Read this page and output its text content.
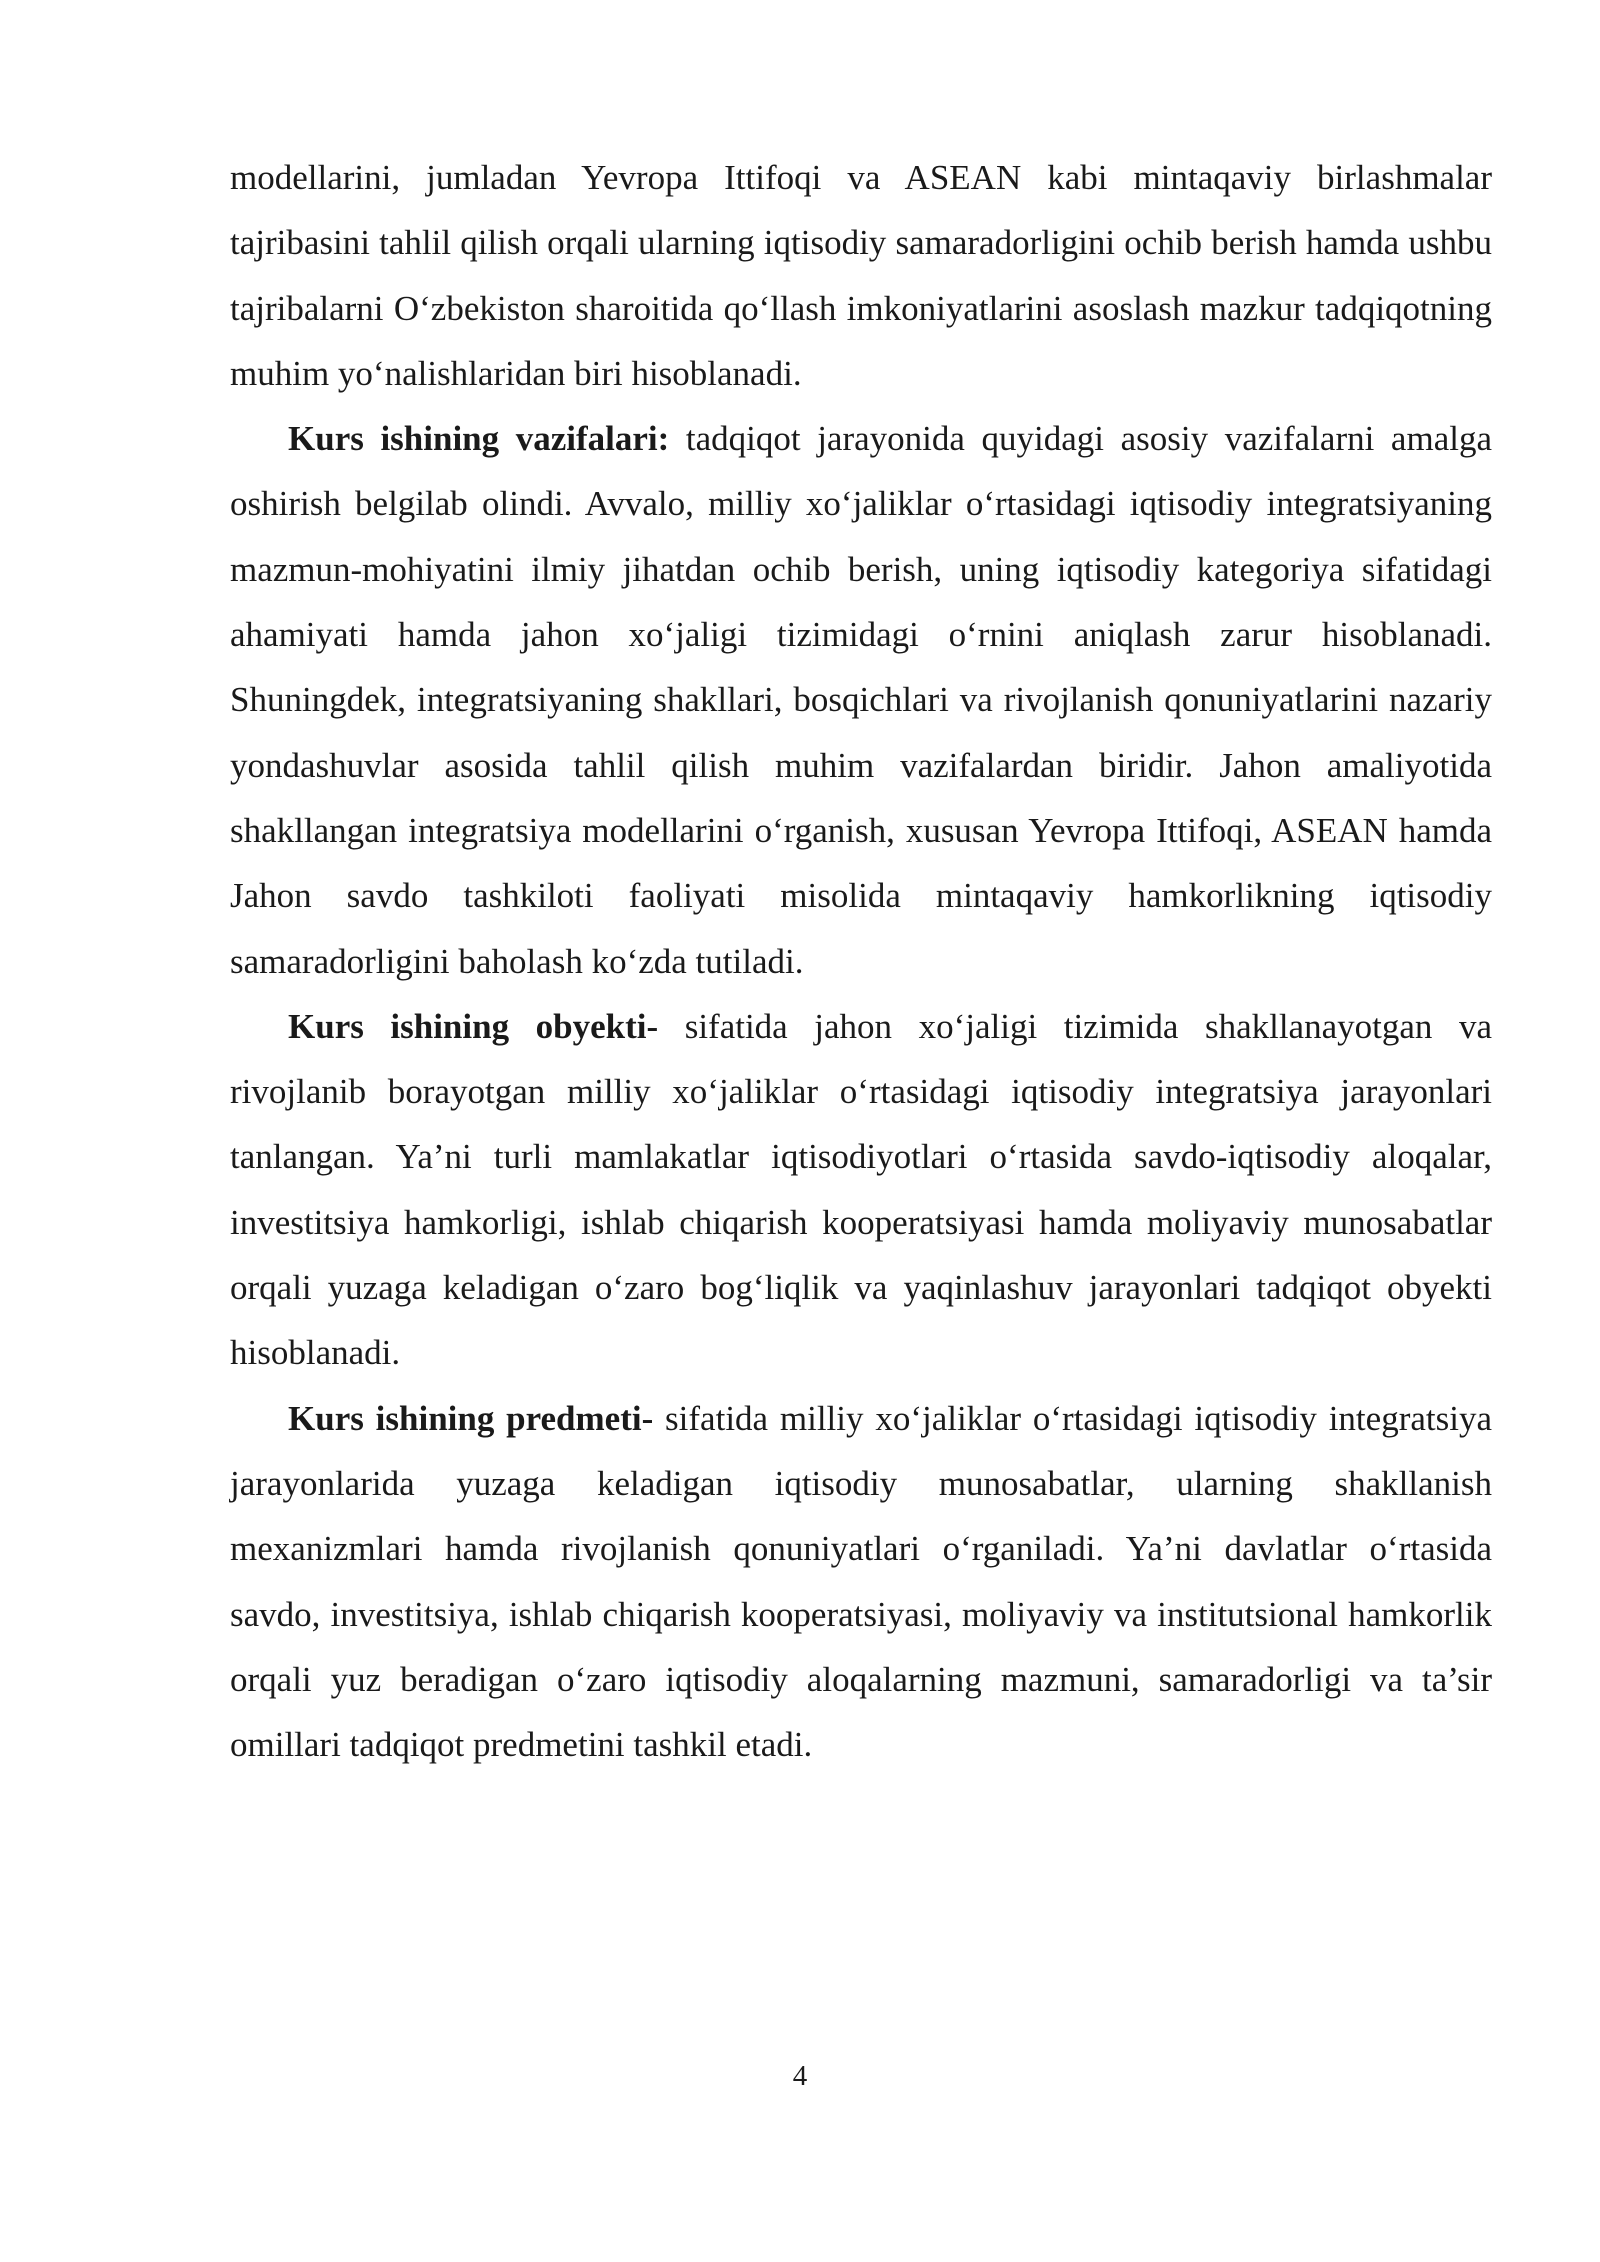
modellarini, jumladan Yevropa Ittifoqi va ASEAN kabi mintaqaviy birlashmalar tajribasini tahlil qilish orqali ularning iqtisodiy samaradorligini ochib berish hamda ushbu tajribalarni O‘zbekiston sharoitida qo‘llash imkoniyatlarini asoslash mazkur tadqiqotning muhim yo‘nalishlaridan biri hisoblanadi.

Kurs ishining vazifalari: tadqiqot jarayonida quyidagi asosiy vazifalarni amalga oshirish belgilab olindi. Avvalo, milliy xo‘jaliklar o‘rtasidagi iqtisodiy integratsiyaning mazmun-mohiyatini ilmiy jihatdan ochib berish, uning iqtisodiy kategoriya sifatidagi ahamiyati hamda jahon xo‘jaligi tizimidagi o‘rnini aniqlash zarur hisoblanadi. Shuningdek, integratsiyaning shakllari, bosqichlari va rivojlanish qonuniyatlarini nazariy yondashuvlar asosida tahlil qilish muhim vazifalardan biridir. Jahon amaliyotida shakllangan integratsiya modellarini o‘rganish, xususan Yevropa Ittifoqi, ASEAN hamda Jahon savdo tashkiloti faoliyati misolida mintaqaviy hamkorlikning iqtisodiy samaradorligini baholash ko‘zda tutiladi.

Kurs ishining obyekti- sifatida jahon xo‘jaligi tizimida shakllanayotgan va rivojlanib borayotgan milliy xo‘jaliklar o‘rtasidagi iqtisodiy integratsiya jarayonlari tanlangan. Ya’ni turli mamlakatlar iqtisodiyotlari o‘rtasida savdo-iqtisodiy aloqalar, investitsiya hamkorligi, ishlab chiqarish kooperatsiyasi hamda moliyaviy munosabatlar orqali yuzaga keladigan o‘zaro bog‘liqlik va yaqinlashuv jarayonlari tadqiqot obyekti hisoblanadi.

Kurs ishining predmeti- sifatida milliy xo‘jaliklar o‘rtasidagi iqtisodiy integratsiya jarayonlarida yuzaga keladigan iqtisodiy munosabatlar, ularning shakllanish mexanizmlari hamda rivojlanish qonuniyatlari o‘rganiladi. Ya’ni davlatlar o‘rtasida savdo, investitsiya, ishlab chiqarish kooperatsiyasi, moliyaviy va institutsional hamkorlik orqali yuz beradigan o‘zaro iqtisodiy aloqalarning mazmuni, samaradorligi va ta’sir omillari tadqiqot predmetini tashkil etadi.

4
